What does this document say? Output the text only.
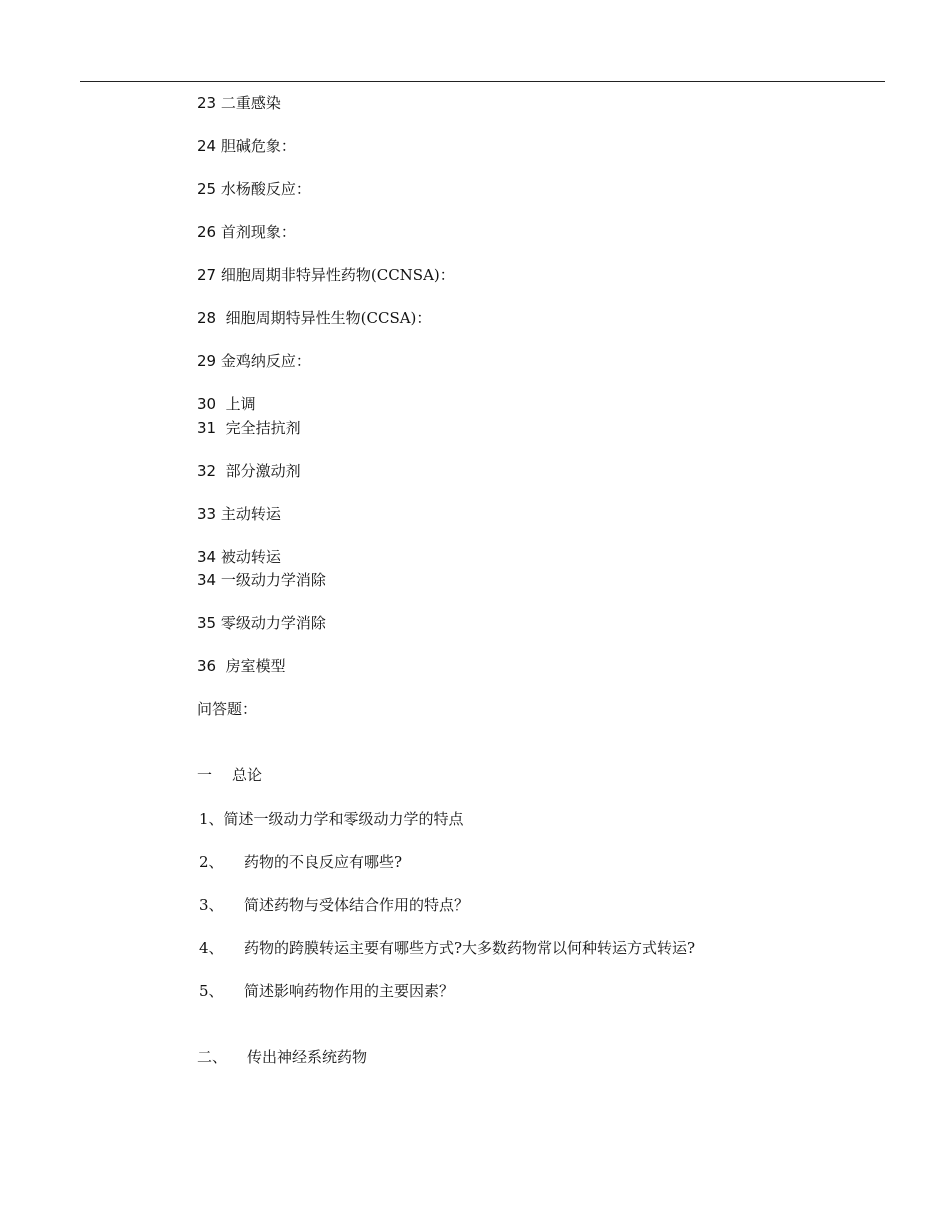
23 二重感染
24 胆碱危象：
25 水杨酸反应：
26 首剂现象：
27 细胞周期非特异性药物(CCNSA)：
28 细胞周期特异性生物(CCSA)：
29 金鸡纳反应：
30 上调
31 完全拮抗剂
32 部分激动剂
33 主动转运
34 被动转运
34 一级动力学消除
35 零级动力学消除
36 房室模型
问答题：
一 总论
1、简述一级动力学和零级动力学的特点
2、 药物的不良反应有哪些?
3、 简述药物与受体结合作用的特点？
4、 药物的跨膜转运主要有哪些方式?大多数药物常以何种转运方式转运?
5、 简述影响药物作用的主要因素？
二、 传出神经系统药物
